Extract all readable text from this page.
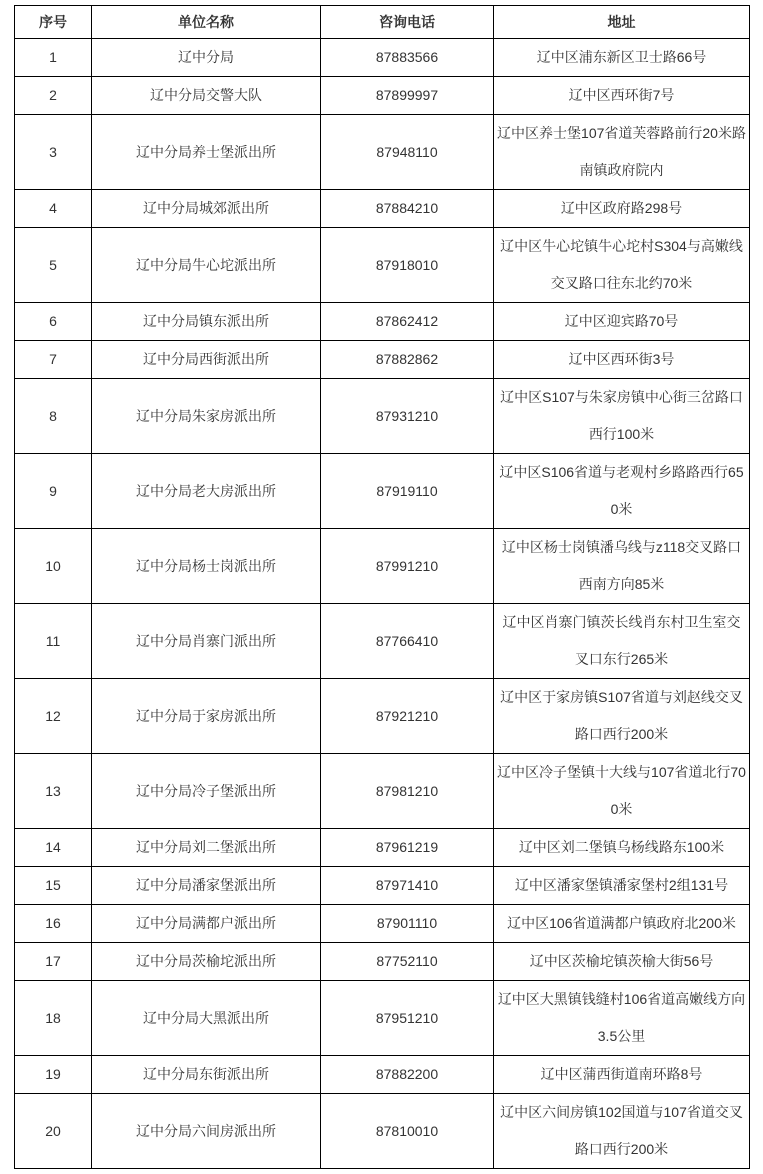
序号	单位名称	咨询电话	地址
1	辽中分局	87883566	辽中区浦东新区卫士路66号
2	辽中分局交警大队	87899997	辽中区西环街7号
3	辽中分局养士堡派出所	87948110	辽中区养士堡107省道芙蓉路前行20米路南镇政府院内
4	辽中分局城郊派出所	87884210	辽中区政府路298号
5	辽中分局牛心坨派出所	87918010	辽中区牛心坨镇牛心坨村S304与高嫩线交叉路口往东北约70米
6	辽中分局镇东派出所	87862412	辽中区迎宾路70号
7	辽中分局西街派出所	87882862	辽中区西环街3号
8	辽中分局朱家房派出所	87931210	辽中区S107与朱家房镇中心街三岔路口西行100米
9	辽中分局老大房派出所	87919110	辽中区S106省道与老观村乡路路西行650米
10	辽中分局杨士岗派出所	87991210	辽中区杨士岗镇潘乌线与z118交叉路口西南方向85米
11	辽中分局肖寨门派出所	87766410	辽中区肖寨门镇茨长线肖东村卫生室交叉口东行265米
12	辽中分局于家房派出所	87921210	辽中区于家房镇S107省道与刘赵线交叉路口西行200米
13	辽中分局冷子堡派出所	87981210	辽中区冷子堡镇十大线与107省道北行700米
14	辽中分局刘二堡派出所	87961219	辽中区刘二堡镇乌杨线路东100米
15	辽中分局潘家堡派出所	87971410	辽中区潘家堡镇潘家堡村2组131号
16	辽中分局满都户派出所	87901110	辽中区106省道满都户镇政府北200米
17	辽中分局茨榆坨派出所	87752110	辽中区茨榆坨镇茨榆大街56号
18	辽中分局大黑派出所	87951210	辽中区大黑镇钱缝村106省道高嫩线方向3.5公里
19	辽中分局东街派出所	87882200	辽中区蒲西街道南环路8号
20	辽中分局六间房派出所	87810010	辽中区六间房镇102国道与107省道交叉路口西行200米
